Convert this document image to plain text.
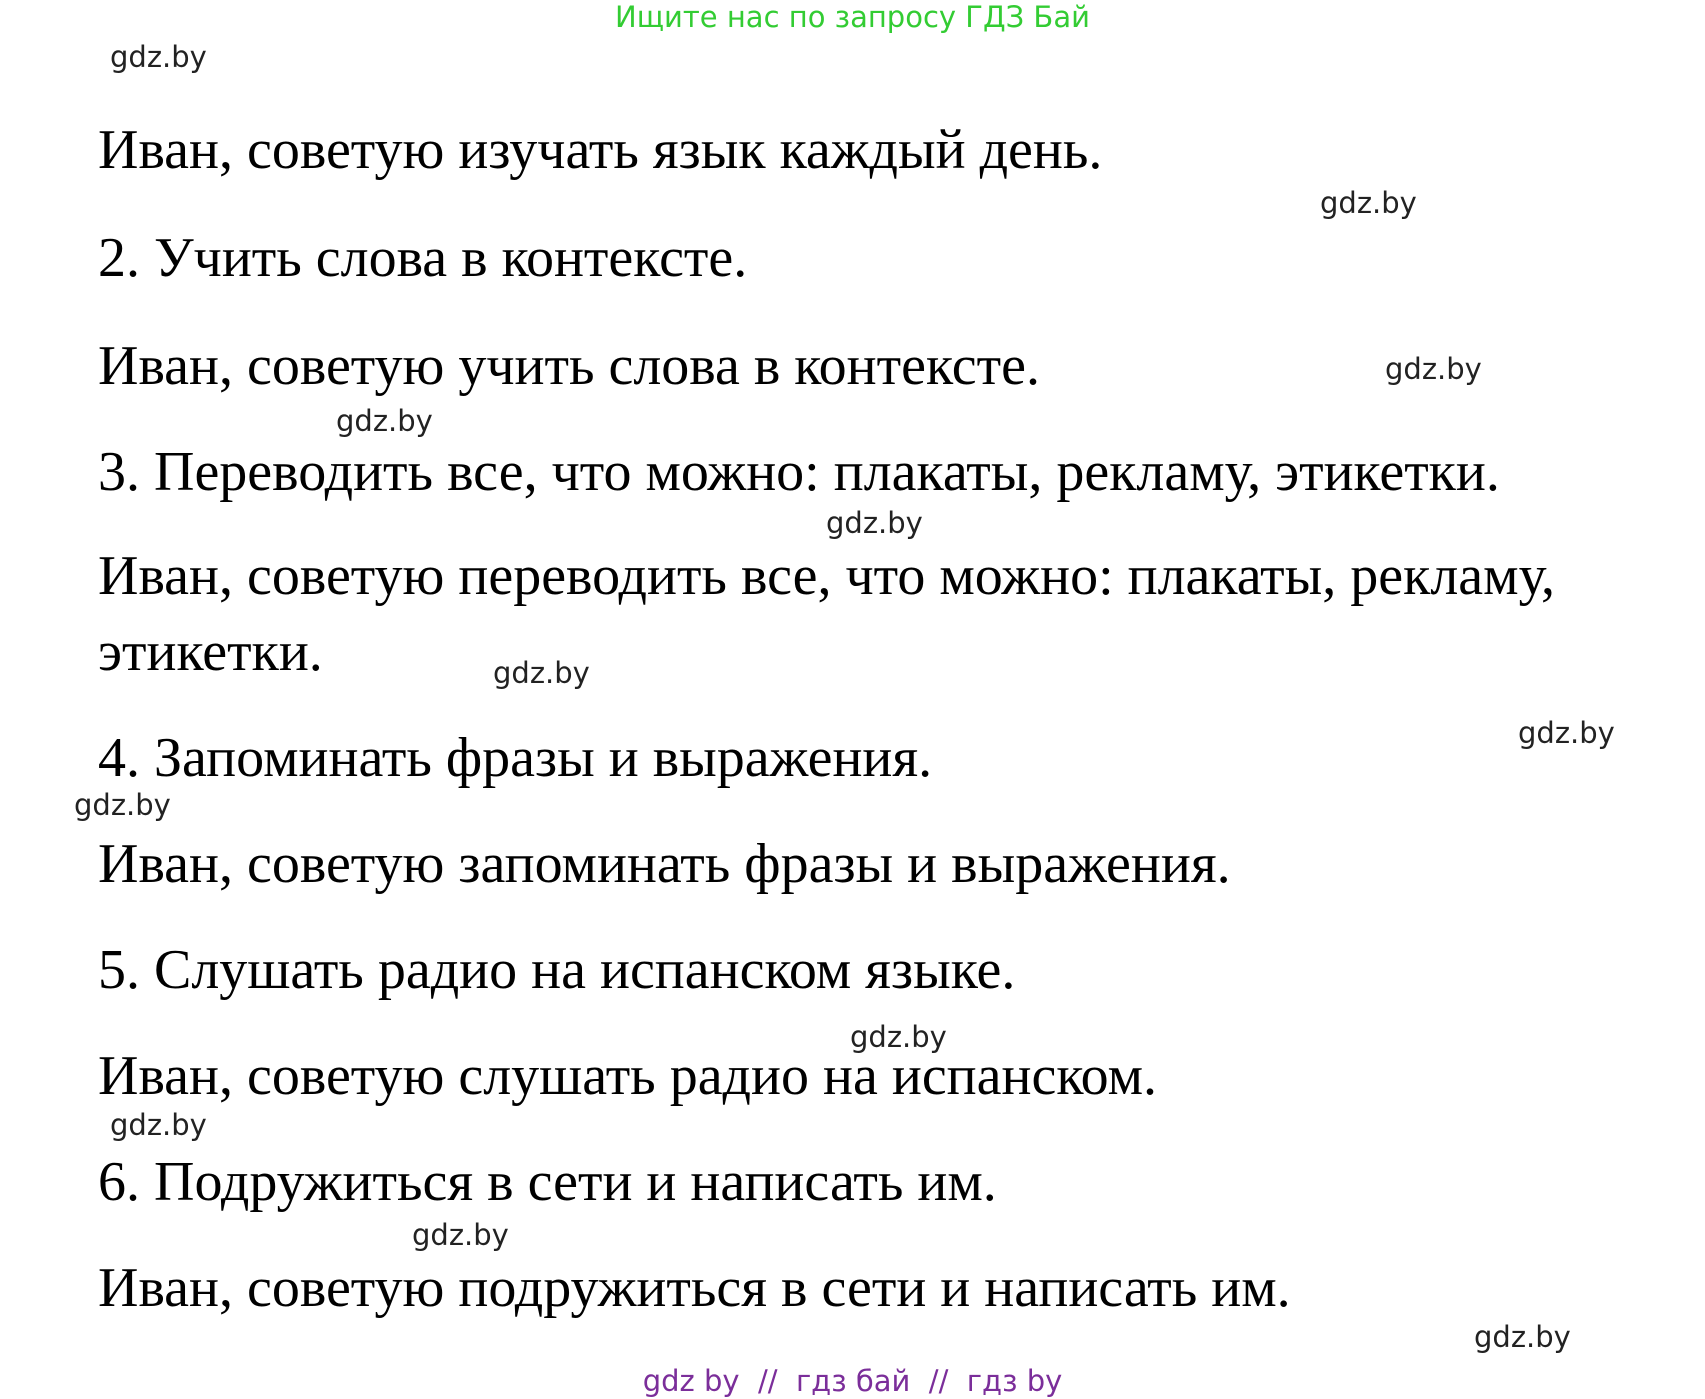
Ищите нас по запросу ГДЗ Бай
gdz.by
Иван, советую изучать язык каждый день.
gdz.by
2. Учить слова в контексте.
Иван, советую учить слова в контексте.	gdz.by
gdz.by
3. Переводить все, что можно: плакаты, рекламу, этикетки.
gdz.by
Иван, советую переводить все, что можно: плакаты, рекламу,
этикетки.	gdz.by
gdz.by
4. Запоминать фразы и выражения.
gdz.by
Иван, советую запоминать фразы и выражения.
5. Слушать радио на испанском языке.
gdz.by
Иван, советую слушать радио на испанском.
gdz.by
6. Подружиться в сети и написать им.
gdz.by
Иван, советую подружиться в сети и написать им.
gdz.by
gdz by  //  гдз бай  //  гдз by
